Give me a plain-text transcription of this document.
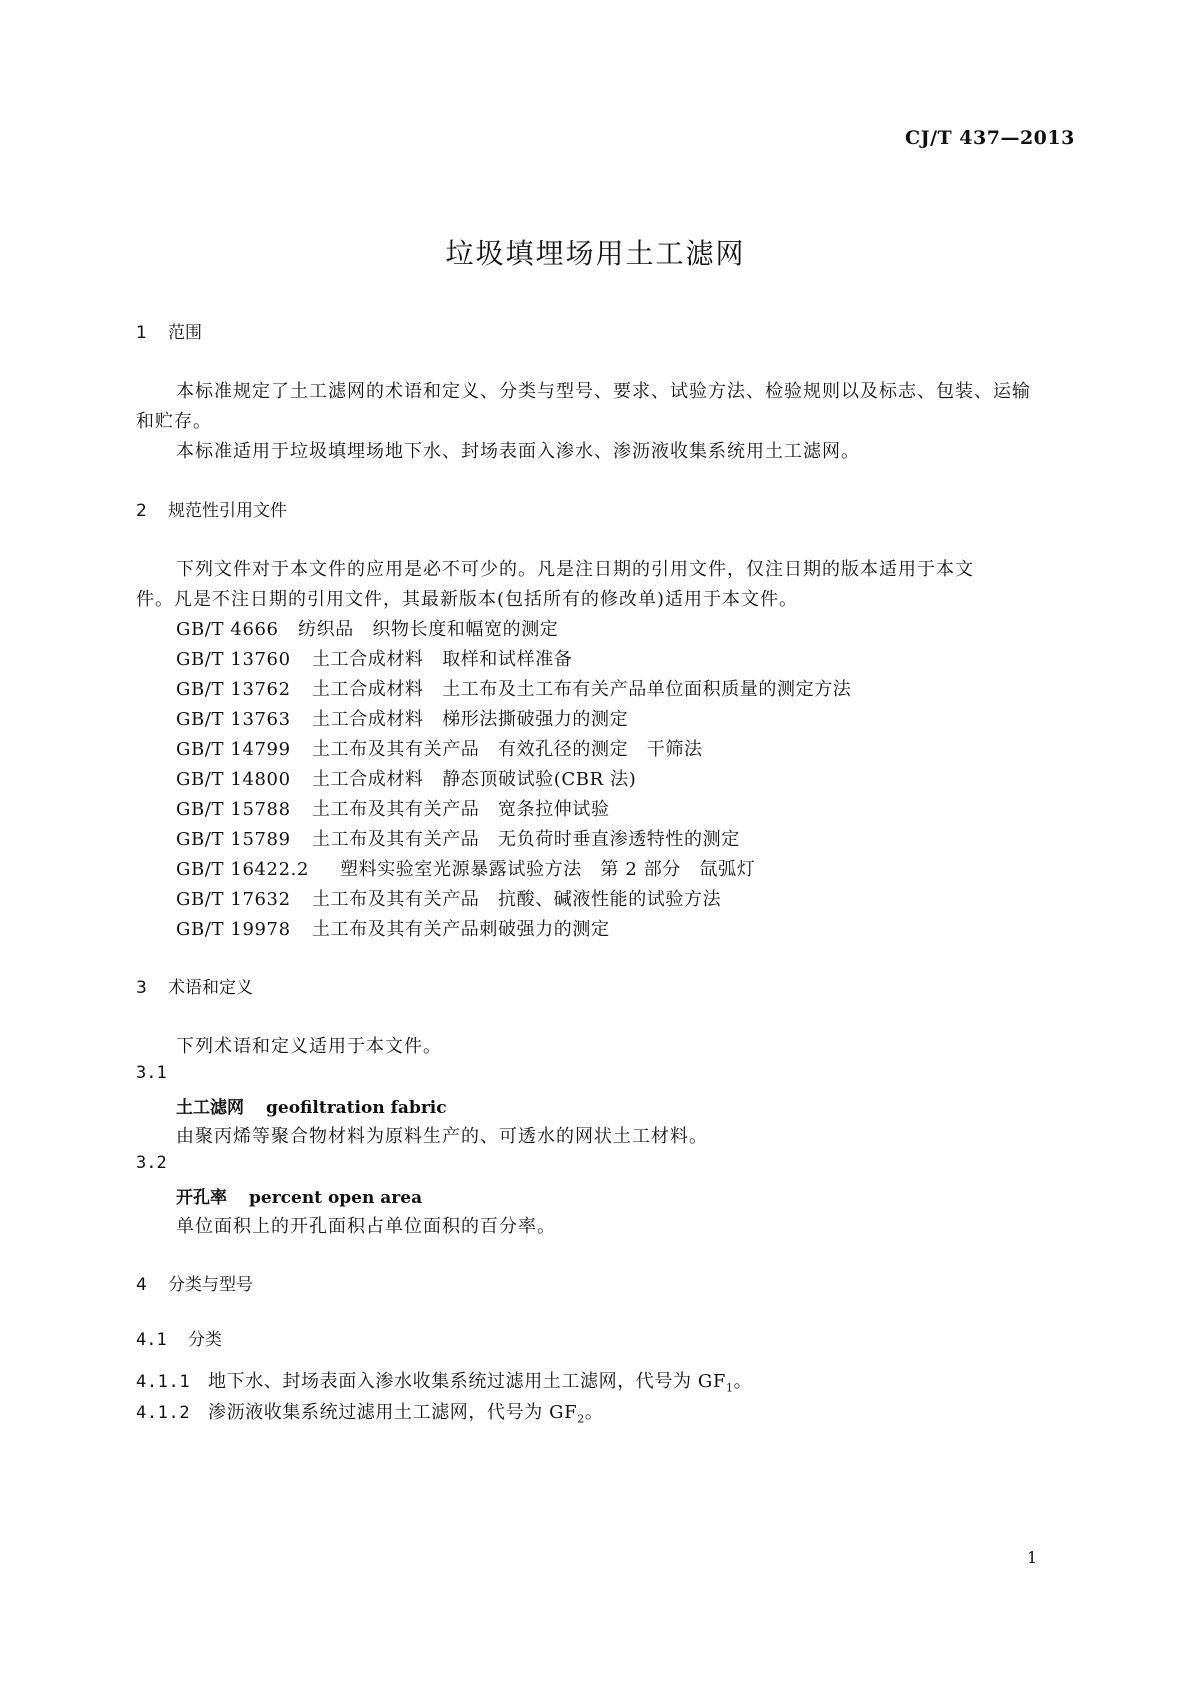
CJ/T 437—2013
垃圾填埋场用土工滤网
1 范围
本标准规定了土工滤网的术语和定义、分类与型号、要求、试验方法、检验规则以及标志、包装、运输
和贮存。
本标准适用于垃圾填埋场地下水、封场表面入渗水、渗沥液收集系统用土工滤网。
2 规范性引用文件
下列文件对于本文件的应用是必不可少的。凡是注日期的引用文件，仅注日期的版本适用于本文
件。凡是不注日期的引用文件，其最新版本(包括所有的修改单)适用于本文件。
GB/T 4666 纺织品　织物长度和幅宽的测定
GB/T 13760 土工合成材料　取样和试样准备
GB/T 13762 土工合成材料　土工布及土工布有关产品单位面积质量的测定方法
GB/T 13763 土工合成材料　梯形法撕破强力的测定
GB/T 14799 土工布及其有关产品　有效孔径的测定　干筛法
GB/T 14800 土工合成材料　静态顶破试验(CBR 法)
GB/T 15788 土工布及其有关产品　宽条拉伸试验
GB/T 15789 土工布及其有关产品　无负荷时垂直渗透特性的测定
GB/T 16422.2 塑料实验室光源暴露试验方法　第 2 部分　氙弧灯
GB/T 17632 土工布及其有关产品　抗酸、碱液性能的试验方法
GB/T 19978 土工布及其有关产品刺破强力的测定
3 术语和定义
下列术语和定义适用于本文件。
3.1
土工滤网 geofiltration fabric
由聚丙烯等聚合物材料为原料生产的、可透水的网状土工材料。
3.2
开孔率 percent open area
单位面积上的开孔面积占单位面积的百分率。
4 分类与型号
4.1 分类
4.1.1 地下水、封场表面入渗水收集系统过滤用土工滤网，代号为 $GF_1$。
4.1.2 渗沥液收集系统过滤用土工滤网，代号为 $GF_2$。
1
